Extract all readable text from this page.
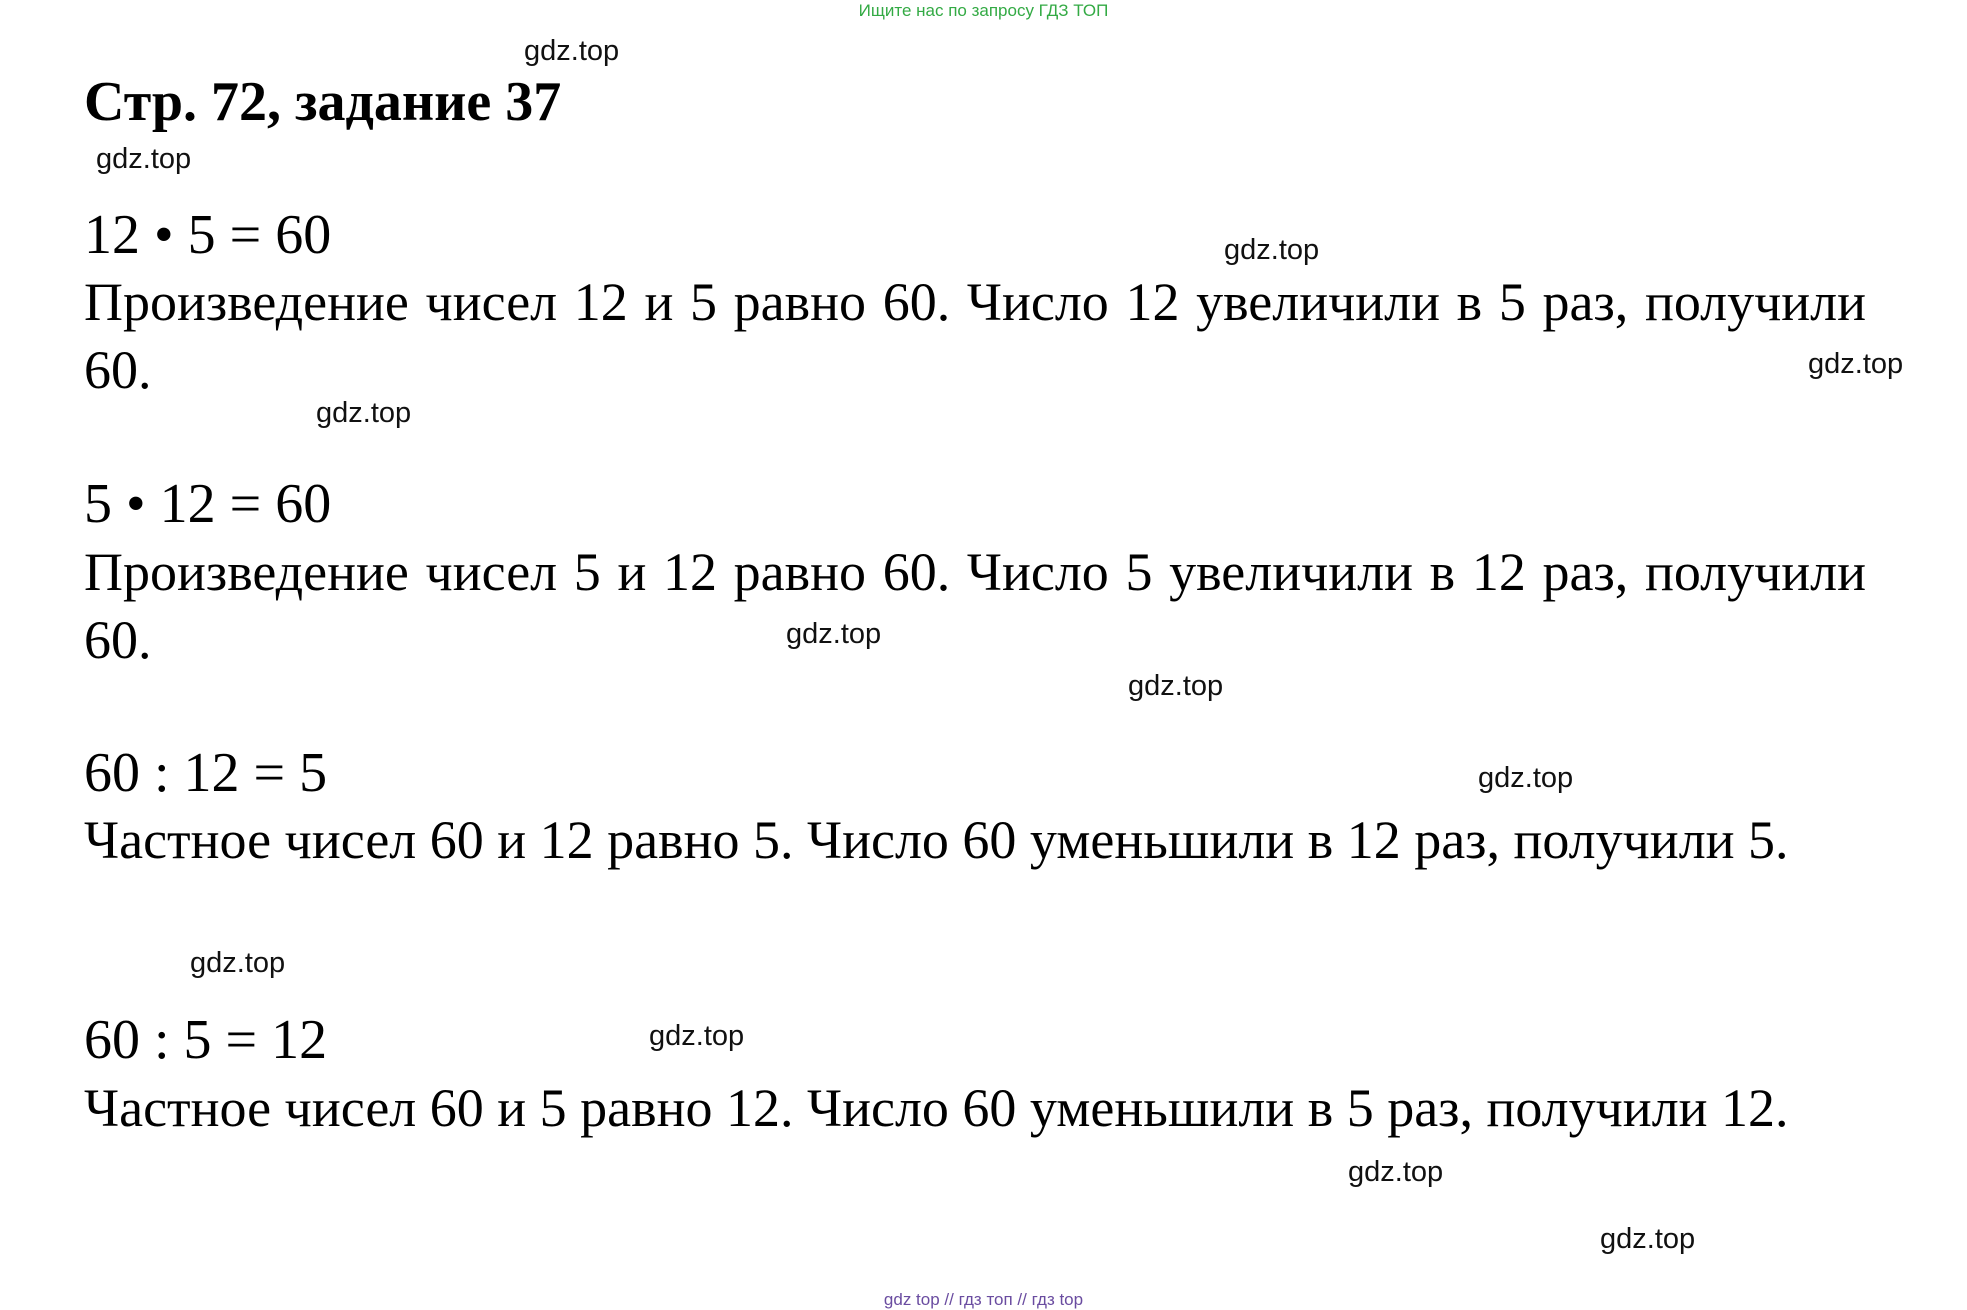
Ищите нас по запросу ГДЗ ТОП
Стр. 72, задание 37
12 • 5 = 60
Произведение чисел 12 и 5 равно 60. Число 12 увеличили в 5 раз, получили 60.
5 • 12 = 60
Произведение чисел 5 и 12 равно 60. Число 5 увеличили в 12 раз, получили 60.
60 : 12 = 5
Частное чисел 60 и 12 равно 5. Число 60 уменьшили в 12 раз, получили 5.
60 : 5 = 12
Частное чисел 60 и 5 равно 12. Число 60 уменьшили в 5 раз, получили 12.
gdz.top
gdz.top
gdz.top
gdz.top
gdz.top
gdz.top
gdz.top
gdz.top
gdz.top
gdz.top
gdz.top
gdz.top
gdz top // гдз топ // гдз top
